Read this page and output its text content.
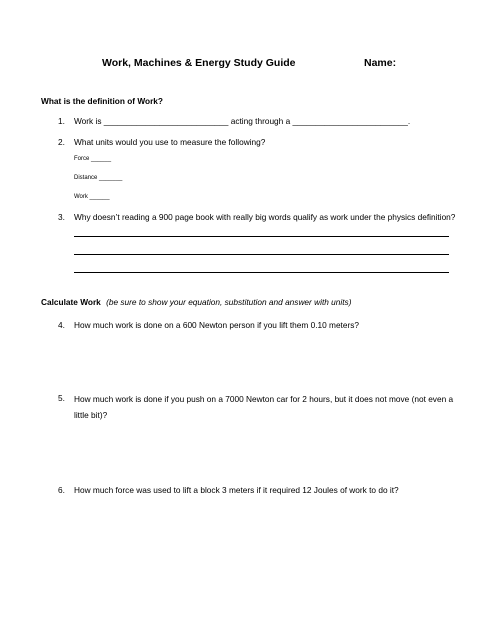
Work, Machines & Energy Study Guide	Name:
What is the definition of Work?
1. Work is ___________________________ acting through a _________________________.
2. What units would you use to measure the following?
Force ______
Distance _______
Work ______
3. Why doesn’t reading a 900 page book with really big words qualify as work under the physics definition?
Calculate Work (be sure to show your equation, substitution and answer with units)
4. How much work is done on a 600 Newton person if you lift them 0.10 meters?
5. How much work is done if you push on a 7000 Newton car for 2 hours, but it does not move (not even a little bit)?
6. How much force was used to lift a block 3 meters if it required 12 Joules of work to do it?
